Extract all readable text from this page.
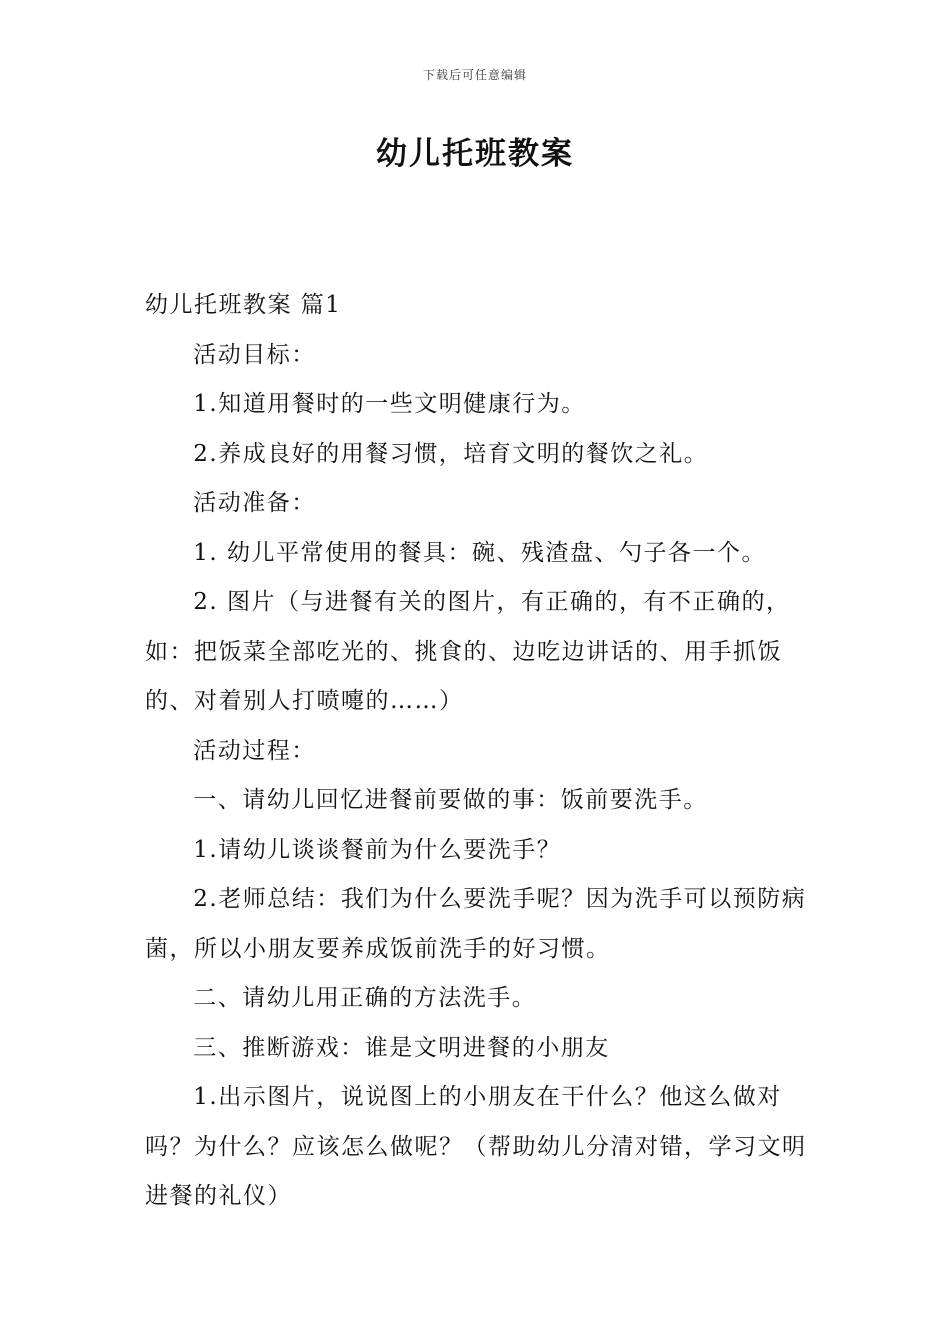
下载后可任意编辑
幼儿托班教案

幼儿托班教案 篇1

活动目标：

1.知道用餐时的一些文明健康行为。

2.养成良好的用餐习惯，培育文明的餐饮之礼。

活动准备：

1. 幼儿平常使用的餐具：碗、残渣盘、勺子各一个。

2. 图片（与进餐有关的图片，有正确的，有不正确的，如：把饭菜全部吃光的、挑食的、边吃边讲话的、用手抓饭的、对着别人打喷嚏的……）

活动过程：

一、请幼儿回忆进餐前要做的事：饭前要洗手。

1.请幼儿谈谈餐前为什么要洗手？

2.老师总结：我们为什么要洗手呢？因为洗手可以预防病菌，所以小朋友要养成饭前洗手的好习惯。

二、请幼儿用正确的方法洗手。

三、推断游戏：谁是文明进餐的小朋友

1.出示图片，说说图上的小朋友在干什么？他这么做对吗？为什么？应该怎么做呢？（帮助幼儿分清对错，学习文明进餐的礼仪）
